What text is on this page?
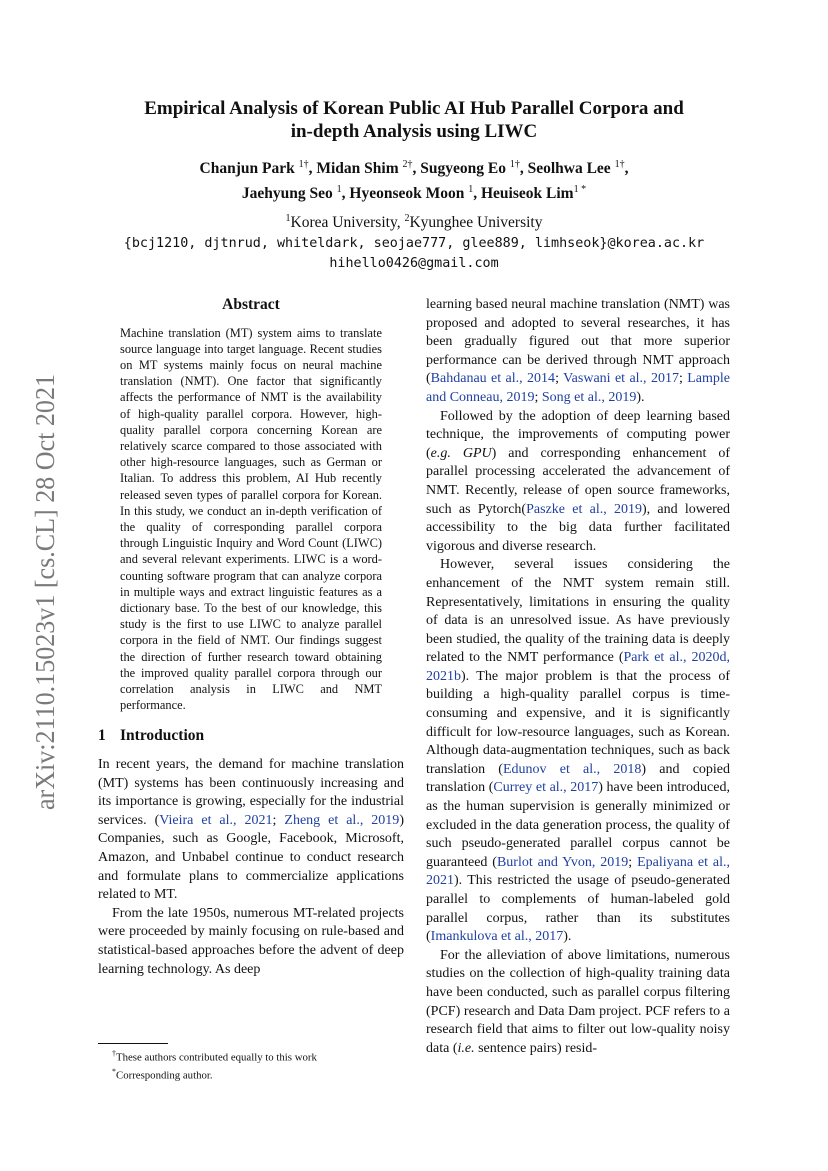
arXiv:2110.15023v1 [cs.CL] 28 Oct 2021
Empirical Analysis of Korean Public AI Hub Parallel Corpora and
in-depth Analysis using LIWC
Chanjun Park $^{1\dagger}$, Midan Shim $^{2\dagger}$, Sugyeong Eo $^{1\dagger}$, Seolhwa Lee $^{1\dagger}$,
Jaehyung Seo $^1$, Hyeonseok Moon $^1$, Heuiseok Lim$^{1 *}$
$^1$Korea University, $^2$Kyunghee University
{bcj1210, djtnrud, whiteldark, seojae777, glee889, limhseok}@korea.ac.kr
hihello0426@gmail.com
Abstract
Machine translation (MT) system aims to translate source language into target language. Recent studies on MT systems mainly focus on neural machine translation (NMT). One factor that significantly affects the performance of NMT is the availability of high-quality parallel corpora. However, high-quality parallel corpora concerning Korean are relatively scarce compared to those associated with other high-resource languages, such as German or Italian. To address this problem, AI Hub recently released seven types of parallel corpora for Korean. In this study, we conduct an in-depth verification of the quality of corresponding parallel corpora through Linguistic Inquiry and Word Count (LIWC) and several relevant experiments. LIWC is a word-counting software program that can analyze corpora in multiple ways and extract linguistic features as a dictionary base. To the best of our knowledge, this study is the first to use LIWC to analyze parallel corpora in the field of NMT. Our findings suggest the direction of further research toward obtaining the improved quality parallel corpora through our correlation analysis in LIWC and NMT performance.
1 Introduction

In recent years, the demand for machine translation (MT) systems has been continuously increasing and its importance is growing, especially for the industrial services. (Vieira et al., 2021; Zheng et al., 2019) Companies, such as Google, Facebook, Microsoft, Amazon, and Unbabel continue to conduct research and formulate plans to commercialize applications related to MT.

From the late 1950s, numerous MT-related projects were proceeded by mainly focusing on rule-based and statistical-based approaches before the advent of deep learning technology. As deep

learning based neural machine translation (NMT) was proposed and adopted to several researches, it has been gradually figured out that more superior performance can be derived through NMT approach (Bahdanau et al., 2014; Vaswani et al., 2017; Lample and Conneau, 2019; Song et al., 2019).

Followed by the adoption of deep learning based technique, the improvements of computing power (e.g. GPU) and corresponding enhancement of parallel processing accelerated the advancement of NMT. Recently, release of open source frameworks, such as Pytorch(Paszke et al., 2019), and lowered accessibility to the big data further facilitated vigorous and diverse research.

However, several issues considering the enhancement of the NMT system remain still. Representatively, limitations in ensuring the quality of data is an unresolved issue. As have previously been studied, the quality of the training data is deeply related to the NMT performance (Park et al., 2020d, 2021b). The major problem is that the process of building a high-quality parallel corpus is time-consuming and expensive, and it is significantly difficult for low-resource languages, such as Korean. Although data-augmentation techniques, such as back translation (Edunov et al., 2018) and copied translation (Currey et al., 2017) have been introduced, as the human supervision is generally minimized or excluded in the data generation process, the quality of such pseudo-generated parallel corpus cannot be guaranteed (Burlot and Yvon, 2019; Epaliyana et al., 2021). This restricted the usage of pseudo-generated parallel to complements of human-labeled gold parallel corpus, rather than its substitutes (Imankulova et al., 2017).

For the alleviation of above limitations, numerous studies on the collection of high-quality training data have been conducted, such as parallel corpus filtering (PCF) research and Data Dam project. PCF refers to a research field that aims to filter out low-quality noisy data (i.e. sentence pairs) resid-

†These authors contributed equally to this work
*Corresponding author.
